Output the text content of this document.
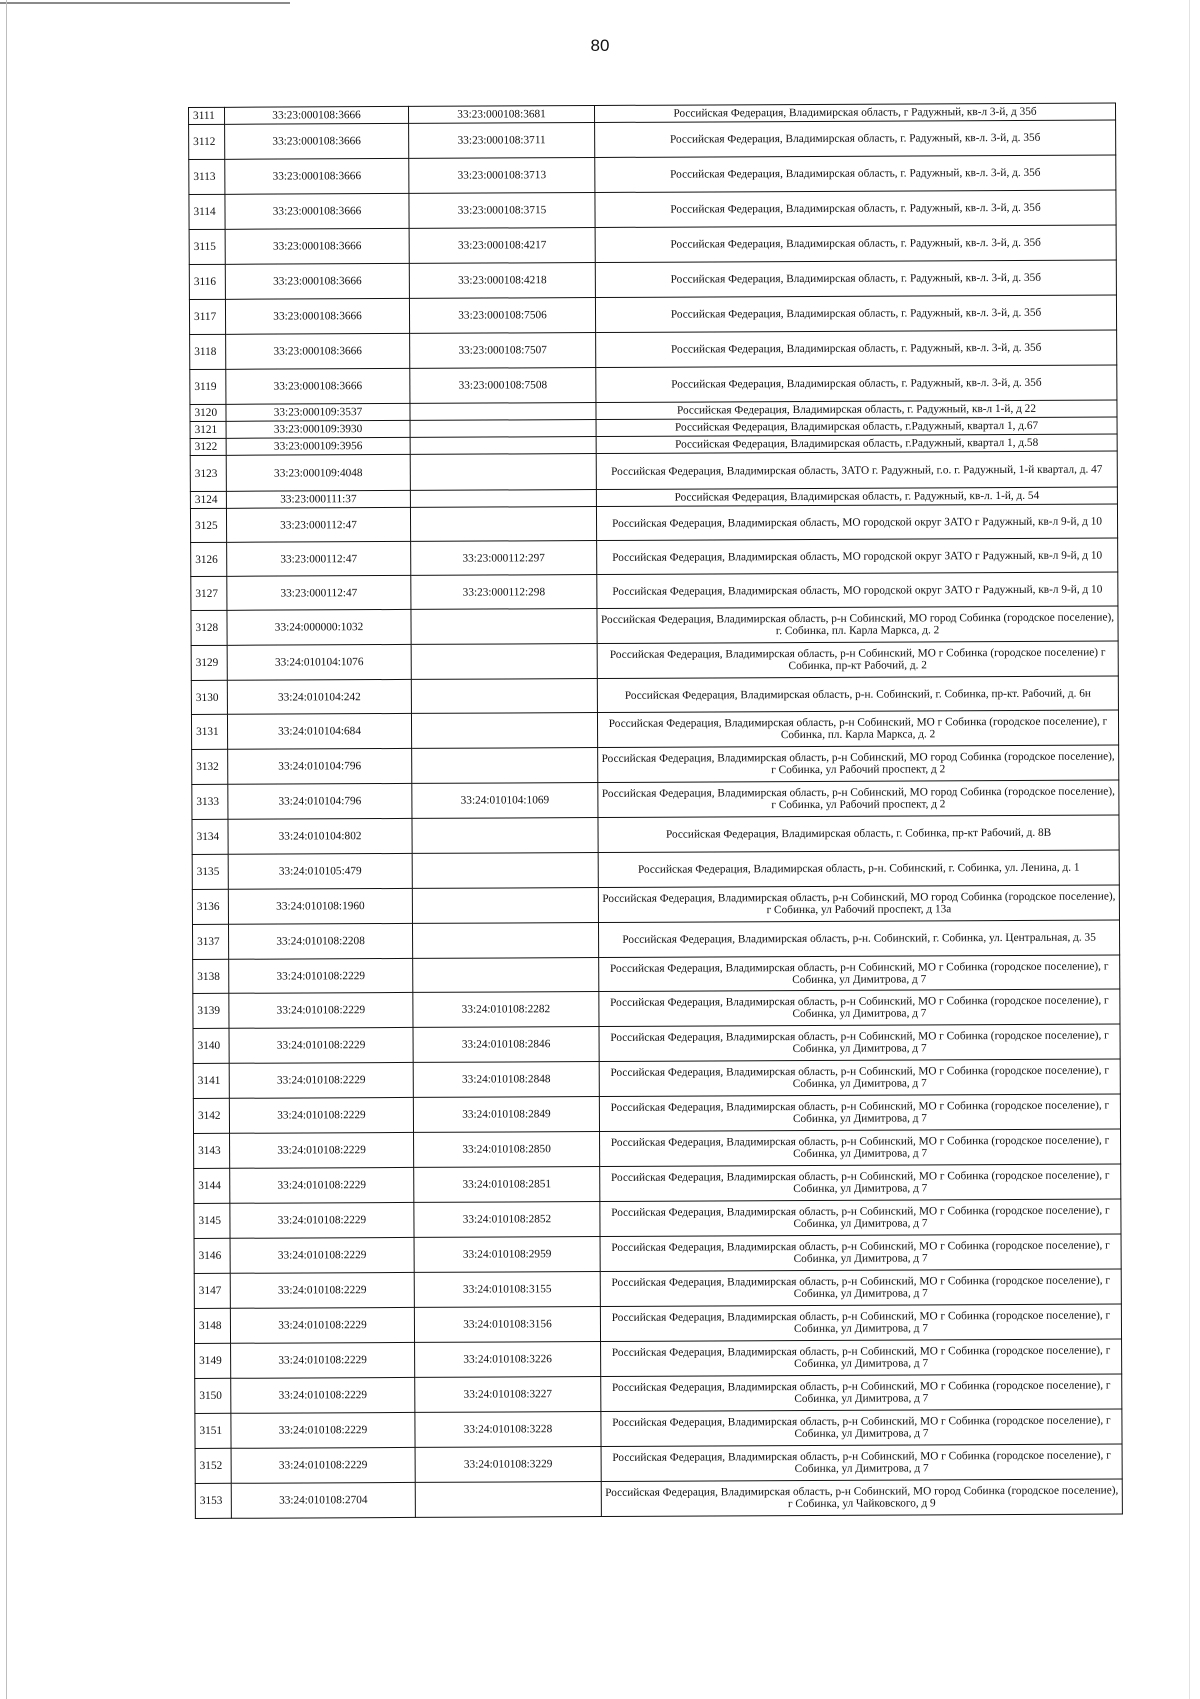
80
3111	33:23:000108:3666	33:23:000108:3681	Российская Федерация, Владимирская область, г Радужный, кв-л 3-й, д 35б
3112	33:23:000108:3666	33:23:000108:3711	Российская Федерация, Владимирская область, г. Радужный, кв-л. 3-й, д. 35б
3113	33:23:000108:3666	33:23:000108:3713	Российская Федерация, Владимирская область, г. Радужный, кв-л. 3-й, д. 35б
3114	33:23:000108:3666	33:23:000108:3715	Российская Федерация, Владимирская область, г. Радужный, кв-л. 3-й, д. 35б
3115	33:23:000108:3666	33:23:000108:4217	Российская Федерация, Владимирская область, г. Радужный, кв-л. 3-й, д. 35б
3116	33:23:000108:3666	33:23:000108:4218	Российская Федерация, Владимирская область, г. Радужный, кв-л. 3-й, д. 35б
3117	33:23:000108:3666	33:23:000108:7506	Российская Федерация, Владимирская область, г. Радужный, кв-л. 3-й, д. 35б
3118	33:23:000108:3666	33:23:000108:7507	Российская Федерация, Владимирская область, г. Радужный, кв-л. 3-й, д. 35б
3119	33:23:000108:3666	33:23:000108:7508	Российская Федерация, Владимирская область, г. Радужный, кв-л. 3-й, д. 35б
3120	33:23:000109:3537		Российская Федерация, Владимирская область, г. Радужный, кв-л 1-й, д 22
3121	33:23:000109:3930		Российская Федерация, Владимирская область, г.Радужный, квартал 1, д.67
3122	33:23:000109:3956		Российская Федерация, Владимирская область, г.Радужный, квартал 1, д.58
3123	33:23:000109:4048		Российская Федерация, Владимирская область, ЗАТО г. Радужный, г.о. г. Радужный, 1-й квартал, д. 47
3124	33:23:000111:37		Российская Федерация, Владимирская область, г. Радужный, кв-л. 1-й, д. 54
3125	33:23:000112:47		Российская Федерация, Владимирская область, МО городской округ ЗАТО г Радужный, кв-л 9-й, д 10
3126	33:23:000112:47	33:23:000112:297	Российская Федерация, Владимирская область, МО городской округ ЗАТО г Радужный, кв-л 9-й, д 10
3127	33:23:000112:47	33:23:000112:298	Российская Федерация, Владимирская область, МО городской округ ЗАТО г Радужный, кв-л 9-й, д 10
3128	33:24:000000:1032		Российская Федерация, Владимирская область, р-н Собинский, МО город Собинка (городское поселение), г. Собинка, пл. Карла Маркса, д. 2
3129	33:24:010104:1076		Российская Федерация, Владимирская область, р-н Собинский, МО г Собинка (городское поселение) г Собинка, пр-кт Рабочий, д. 2
3130	33:24:010104:242		Российская Федерация, Владимирская область, р-н. Собинский, г. Собинка, пр-кт. Рабочий, д. 6н
3131	33:24:010104:684		Российская Федерация, Владимирская область, р-н Собинский, МО г Собинка (городское поселение), г Собинка, пл. Карла Маркса, д. 2
3132	33:24:010104:796		Российская Федерация, Владимирская область, р-н Собинский, МО город Собинка (городское поселение), г Собинка, ул Рабочий проспект, д 2
3133	33:24:010104:796	33:24:010104:1069	Российская Федерация, Владимирская область, р-н Собинский, МО город Собинка (городское поселение), г Собинка, ул Рабочий проспект, д 2
3134	33:24:010104:802		Российская Федерация, Владимирская область, г. Собинка, пр-кт Рабочий, д. 8В
3135	33:24:010105:479		Российская Федерация, Владимирская область, р-н. Собинский, г. Собинка, ул. Ленина, д. 1
3136	33:24:010108:1960		Российская Федерация, Владимирская область, р-н Собинский, МО город Собинка (городское поселение), г Собинка, ул Рабочий проспект, д 13а
3137	33:24:010108:2208		Российская Федерация, Владимирская область, р-н. Собинский, г. Собинка, ул. Центральная, д. 35
3138	33:24:010108:2229		Российская Федерация, Владимирская область, р-н Собинский, МО г Собинка (городское поселение), г Собинка, ул Димитрова, д 7
3139	33:24:010108:2229	33:24:010108:2282	Российская Федерация, Владимирская область, р-н Собинский, МО г Собинка (городское поселение), г Собинка, ул Димитрова, д 7
3140	33:24:010108:2229	33:24:010108:2846	Российская Федерация, Владимирская область, р-н Собинский, МО г Собинка (городское поселение), г Собинка, ул Димитрова, д 7
3141	33:24:010108:2229	33:24:010108:2848	Российская Федерация, Владимирская область, р-н Собинский, МО г Собинка (городское поселение), г Собинка, ул Димитрова, д 7
3142	33:24:010108:2229	33:24:010108:2849	Российская Федерация, Владимирская область, р-н Собинский, МО г Собинка (городское поселение), г Собинка, ул Димитрова, д 7
3143	33:24:010108:2229	33:24:010108:2850	Российская Федерация, Владимирская область, р-н Собинский, МО г Собинка (городское поселение), г Собинка, ул Димитрова, д 7
3144	33:24:010108:2229	33:24:010108:2851	Российская Федерация, Владимирская область, р-н Собинский, МО г Собинка (городское поселение), г Собинка, ул Димитрова, д 7
3145	33:24:010108:2229	33:24:010108:2852	Российская Федерация, Владимирская область, р-н Собинский, МО г Собинка (городское поселение), г Собинка, ул Димитрова, д 7
3146	33:24:010108:2229	33:24:010108:2959	Российская Федерация, Владимирская область, р-н Собинский, МО г Собинка (городское поселение), г Собинка, ул Димитрова, д 7
3147	33:24:010108:2229	33:24:010108:3155	Российская Федерация, Владимирская область, р-н Собинский, МО г Собинка (городское поселение), г Собинка, ул Димитрова, д 7
3148	33:24:010108:2229	33:24:010108:3156	Российская Федерация, Владимирская область, р-н Собинский, МО г Собинка (городское поселение), г Собинка, ул Димитрова, д 7
3149	33:24:010108:2229	33:24:010108:3226	Российская Федерация, Владимирская область, р-н Собинский, МО г Собинка (городское поселение), г Собинка, ул Димитрова, д 7
3150	33:24:010108:2229	33:24:010108:3227	Российская Федерация, Владимирская область, р-н Собинский, МО г Собинка (городское поселение), г Собинка, ул Димитрова, д 7
3151	33:24:010108:2229	33:24:010108:3228	Российская Федерация, Владимирская область, р-н Собинский, МО г Собинка (городское поселение), г Собинка, ул Димитрова, д 7
3152	33:24:010108:2229	33:24:010108:3229	Российская Федерация, Владимирская область, р-н Собинский, МО г Собинка (городское поселение), г Собинка, ул Димитрова, д 7
3153	33:24:010108:2704		Российская Федерация, Владимирская область, р-н Собинский, МО город Собинка (городское поселение), г Собинка, ул Чайковского, д 9
